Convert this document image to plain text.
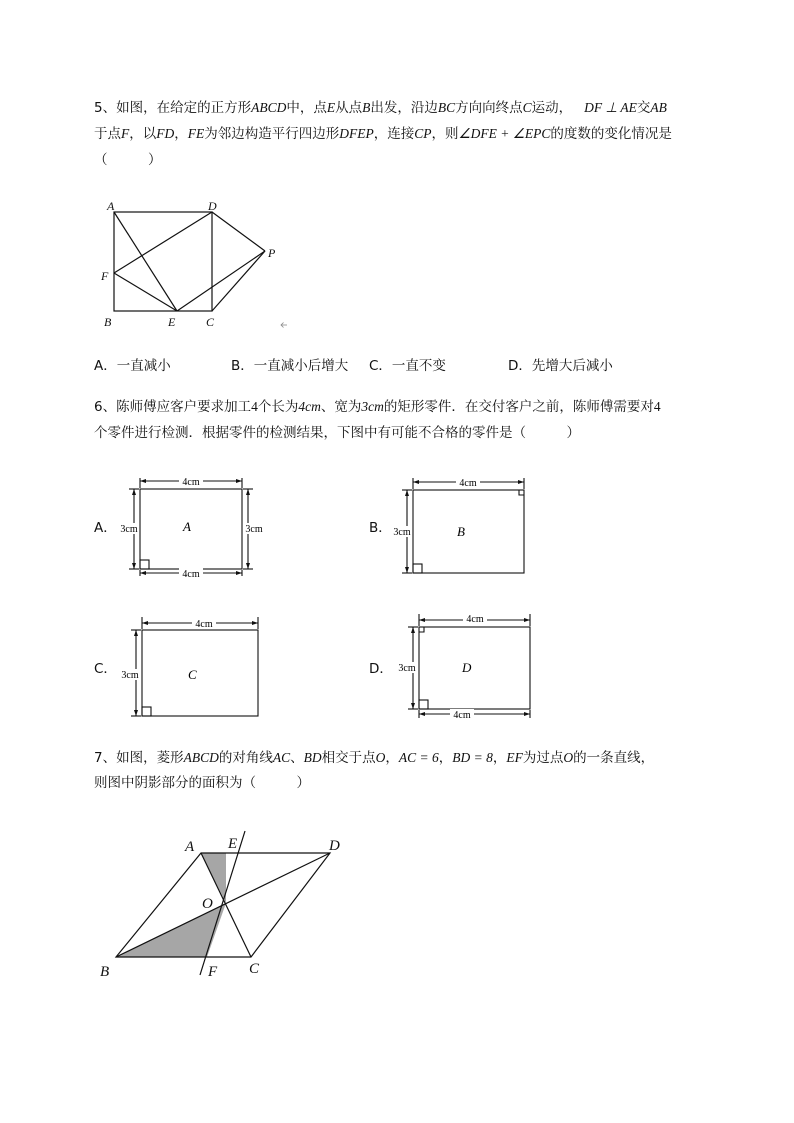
5、如图，在给定的正方形ABCD中，点E从点B出发，沿边BC方向向终点C运动， DF ⊥ AE交AB
于点F，以FD，FE为邻边构造平行四边形DFEP，连接CP，则∠DFE + ∠EPC的度数的变化情况是
（　　　）
A	D
F
P
B	E	C
A．一直减小	B．一直减小后增大 C．一直不变	D．先增大后减小
6、陈师傅应客户要求加工4个长为4cm、宽为3cm的矩形零件．在交付客户之前，陈师傅需要对4
个零件进行检测．根据零件的检测结果，下图中有可能不合格的零件是（　　　）
A．
4cm
4cm
3cm	3cm
A	B．
4cm
3cm	B
C．
4cm
3cm	C	D．
4cm
4cm
3cm	D
7、如图，菱形ABCD的对角线AC、BD相交于点O，AC = 6，BD = 8，EF为过点O的一条直线，
则图中阴影部分的面积为（　　　）
A E	D
O
B	F C
